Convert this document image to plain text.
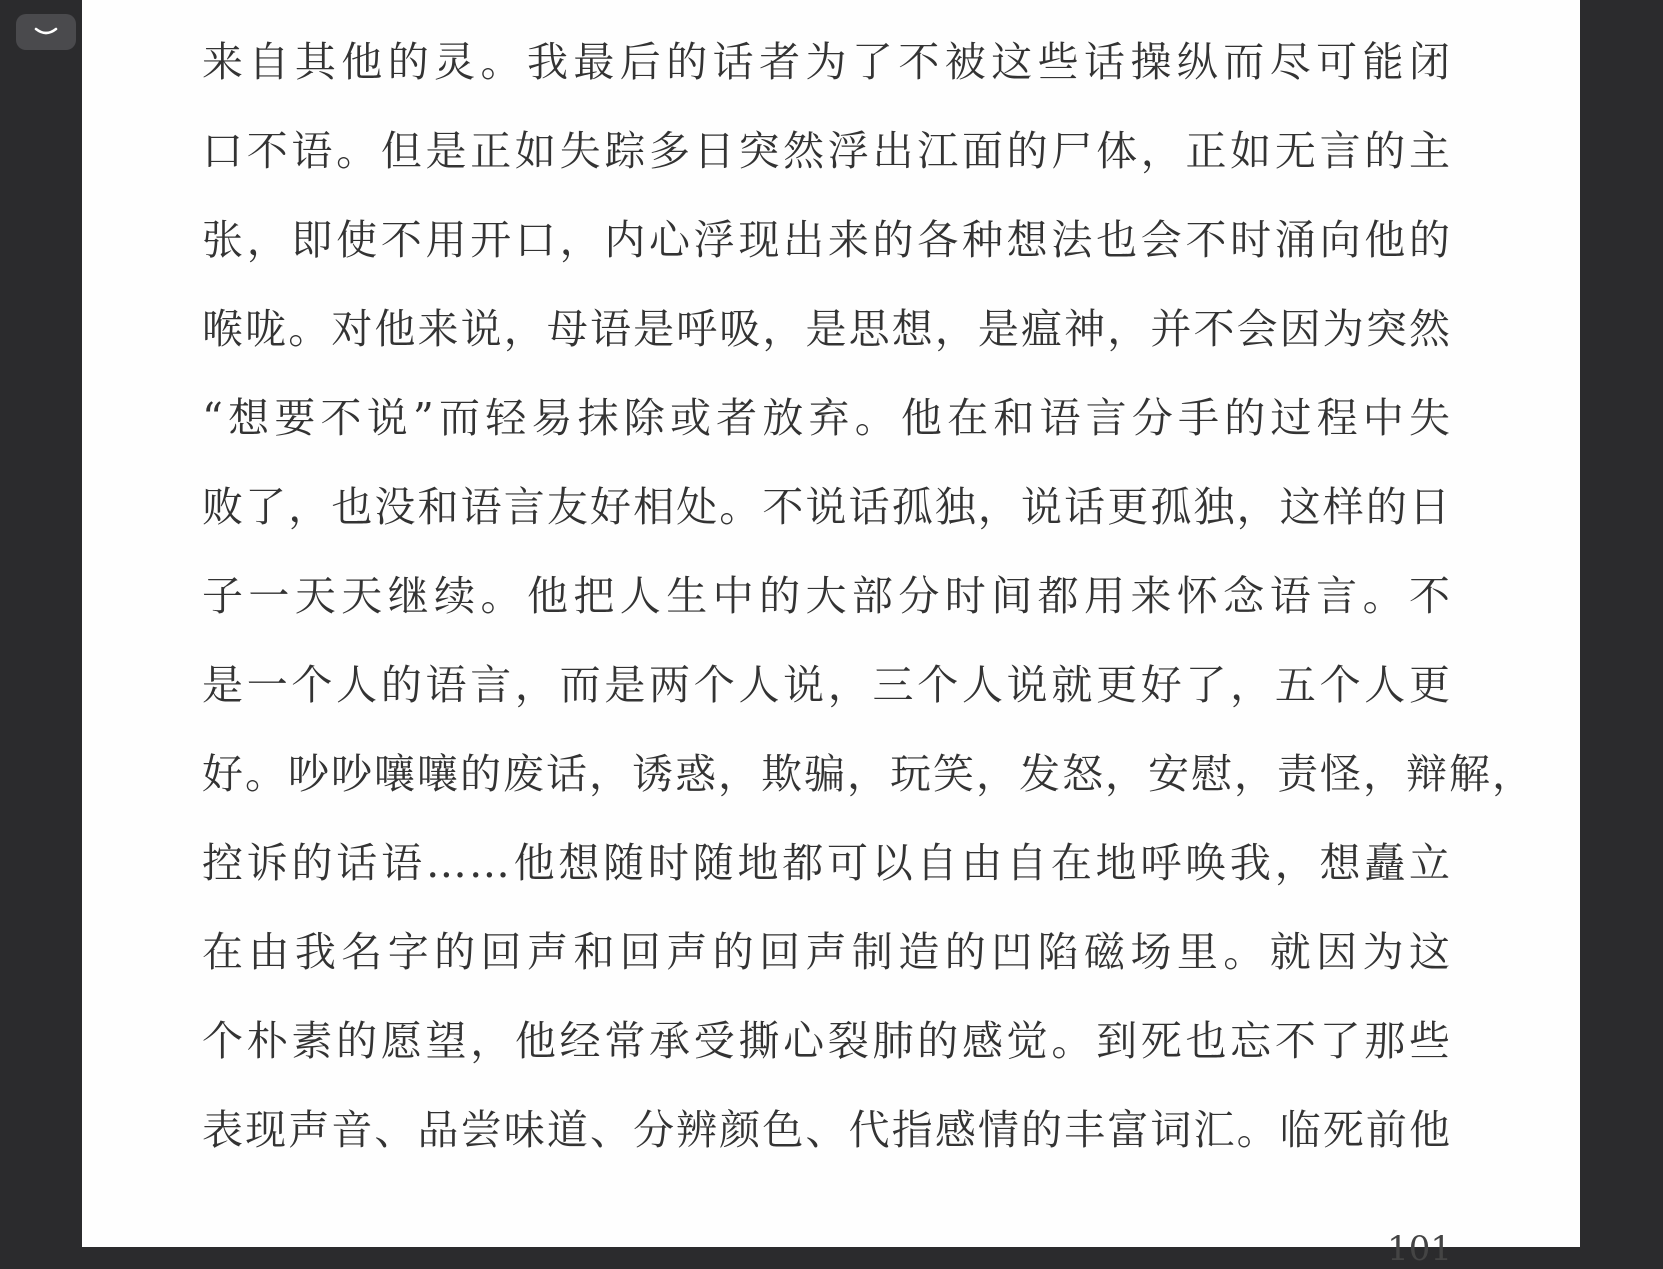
来自其他的灵。我最后的话者为了不被这些话操纵而尽可能闭
口不语。但是正如失踪多日突然浮出江面的尸体，正如无言的主
张，即使不用开口，内心浮现出来的各种想法也会不时涌向他的
喉咙。对他来说，母语是呼吸，是思想，是瘟神，并不会因为突然
“想要不说”而轻易抹除或者放弃。他在和语言分手的过程中失
败了，也没和语言友好相处。不说话孤独，说话更孤独，这样的日
子一天天继续。他把人生中的大部分时间都用来怀念语言。不
是一个人的语言，而是两个人说，三个人说就更好了，五个人更
好。吵吵嚷嚷的废话，诱惑，欺骗，玩笑，发怒，安慰，责怪，辩解，
控诉的话语……他想随时随地都可以自由自在地呼唤我，想矗立
在由我名字的回声和回声的回声制造的凹陷磁场里。就因为这
个朴素的愿望，他经常承受撕心裂肺的感觉。到死也忘不了那些
表现声音、品尝味道、分辨颜色、代指感情的丰富词汇。临死前他
101
